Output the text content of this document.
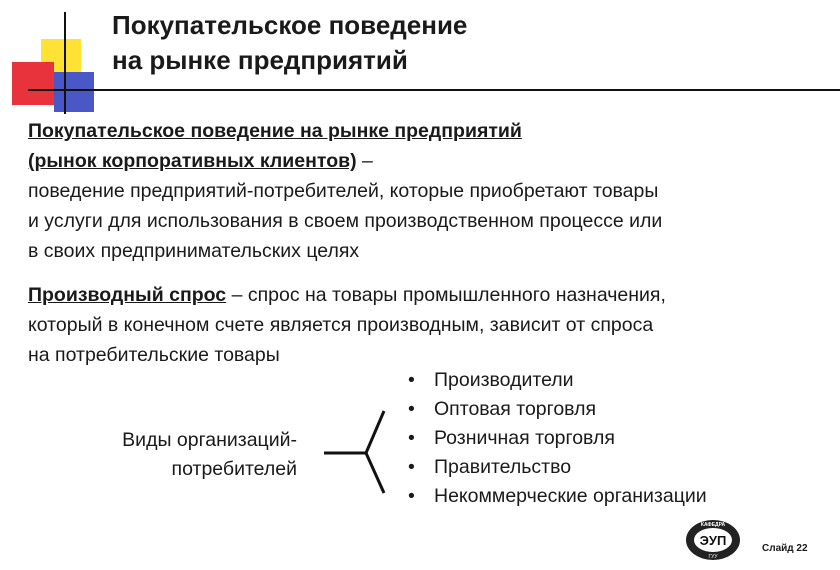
Покупательское поведение
на рынке предприятий
Покупательское поведение на рынке предприятий
(рынок корпоративных клиентов) –
поведение предприятий-потребителей, которые приобретают товары
и услуги для использования в своем производственном процессе или
в своих предпринимательских целях
Производный спрос – спрос на товары промышленного назначения,
который в конечном счете является производным, зависит от спроса
на потребительские товары
Виды организаций-
потребителей
• Производители
• Оптовая торговля
• Розничная торговля
• Правительство
• Некоммерческие организации
КАФЕДРА
ЭУП
ГУУ
Слайд 22
